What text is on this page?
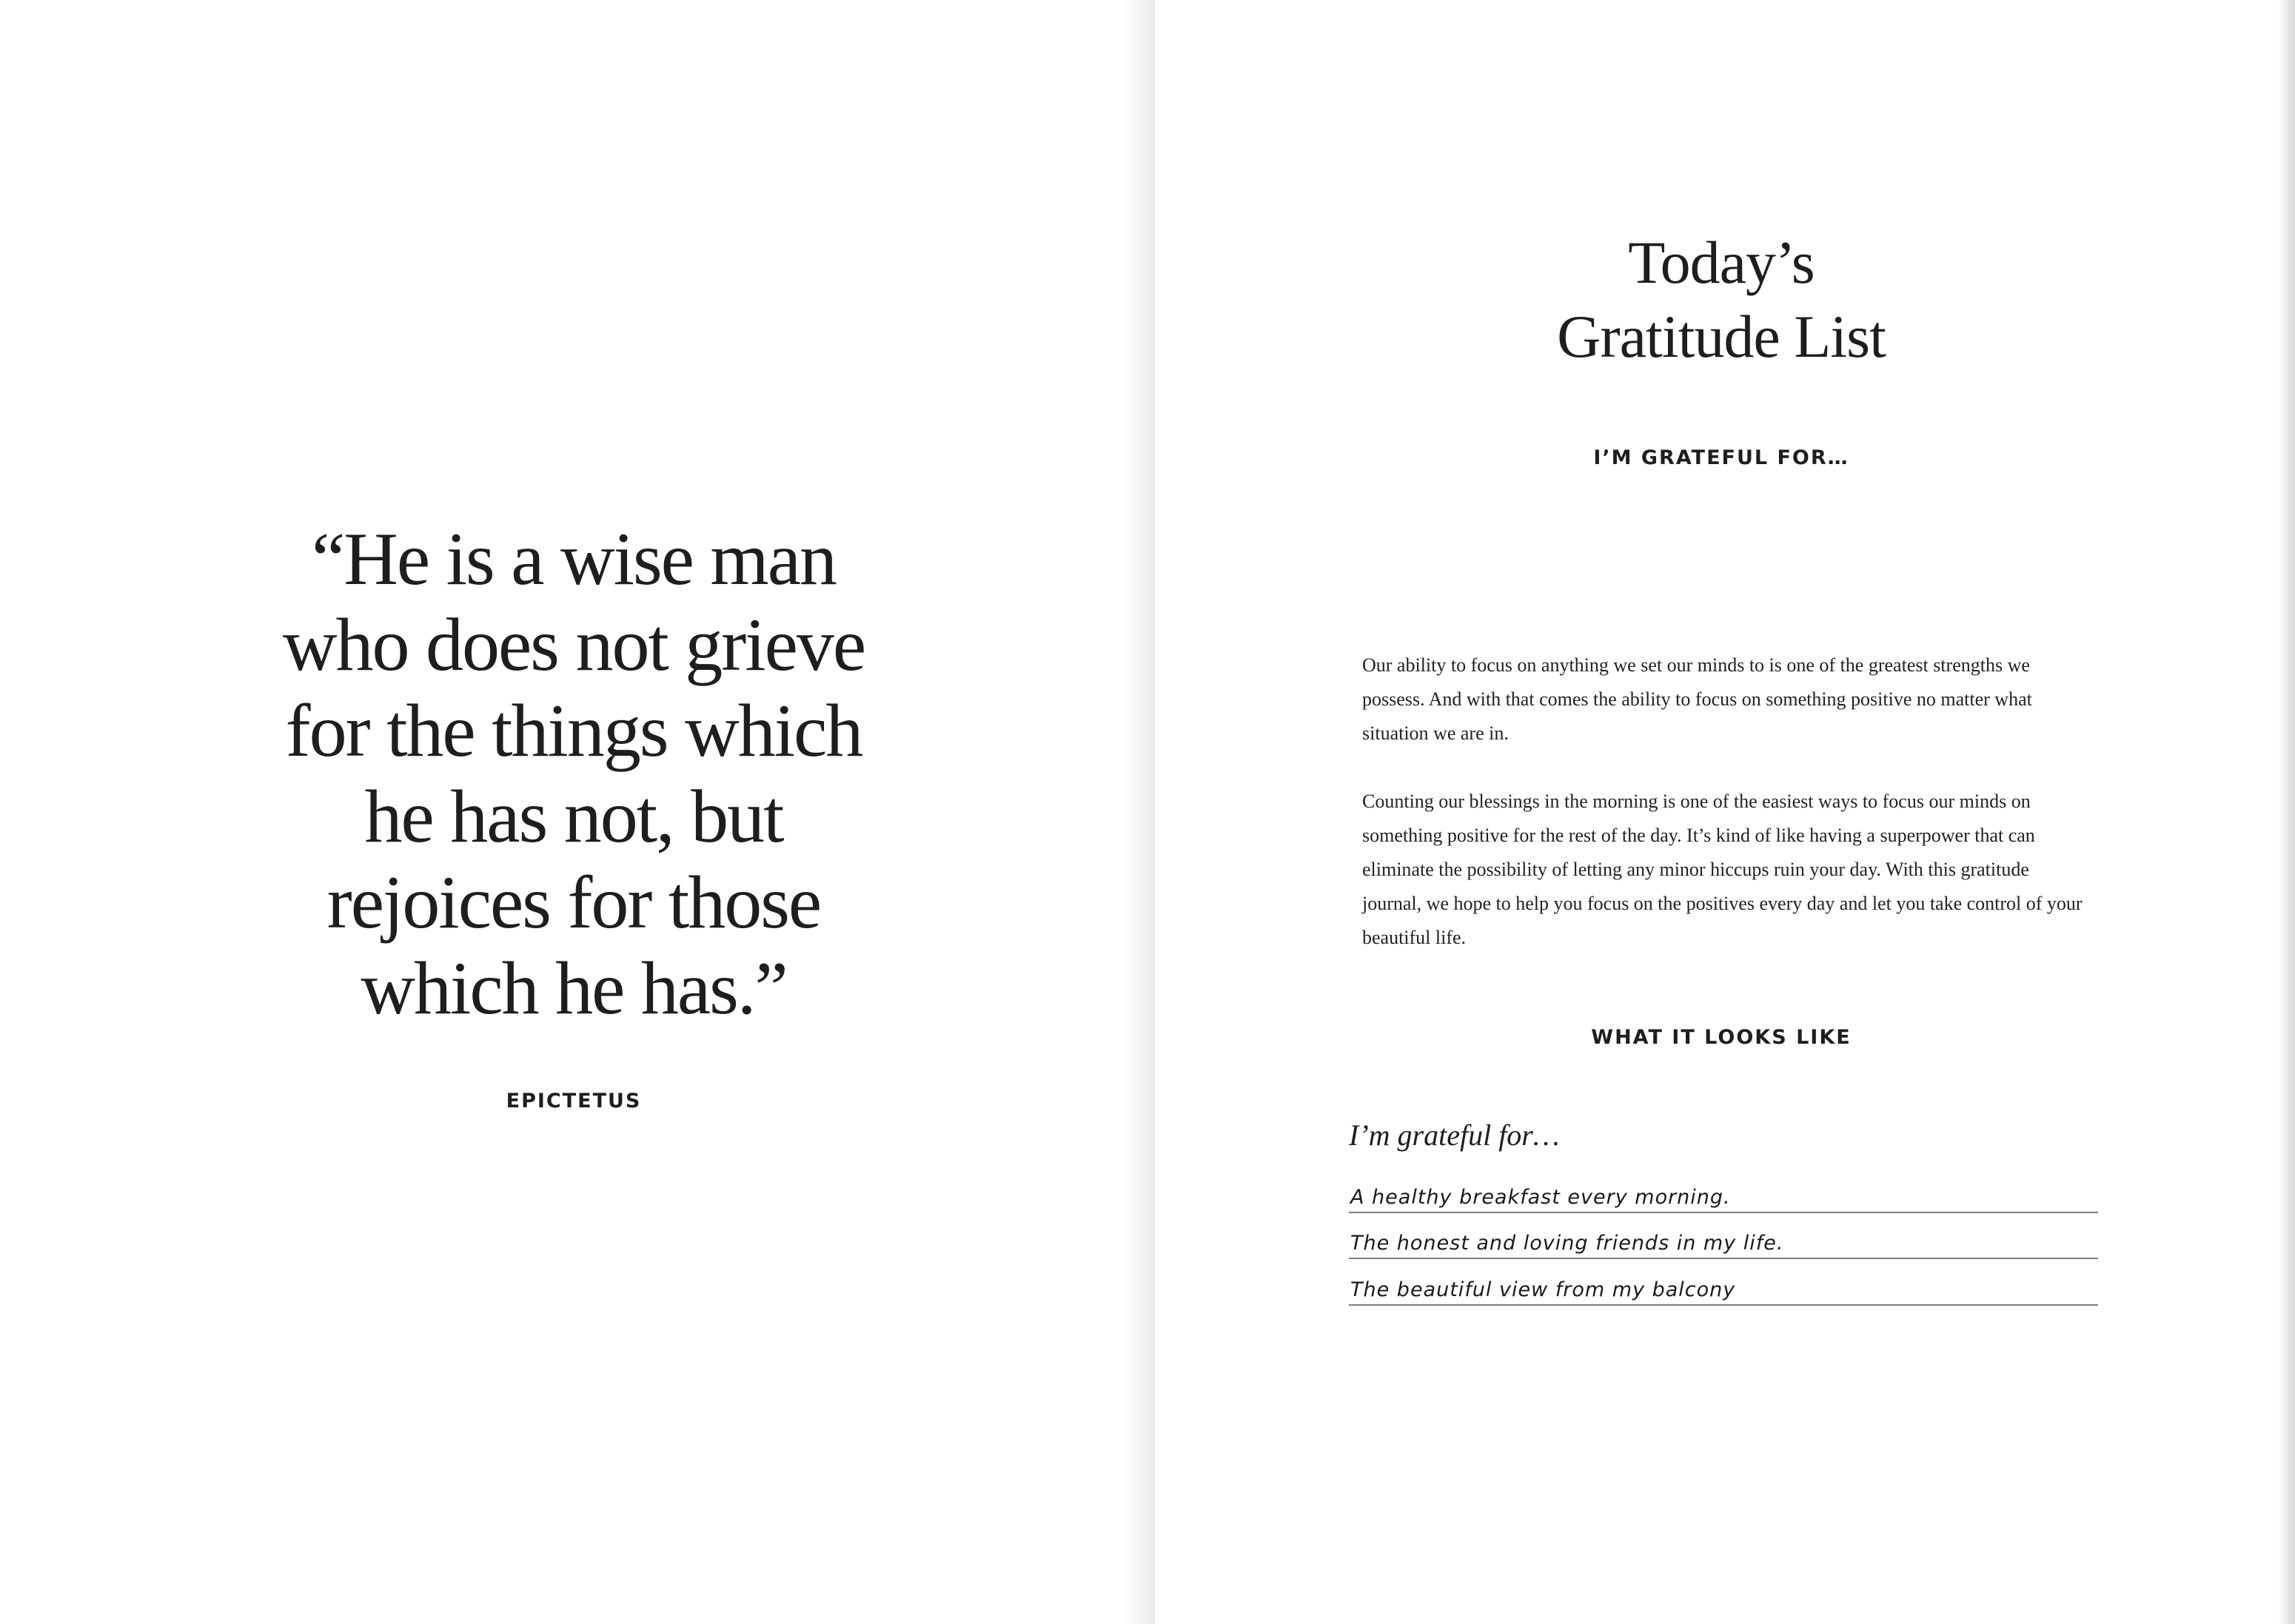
“He is a wise man
who does not grieve
for the things which
he has not, but
rejoices for those
which he has.”
EPICTETUS
Today’s
Gratitude List
I’M GRATEFUL FOR…
Our ability to focus on anything we set our minds to is one of the greatest strengths we possess. And with that comes the ability to focus on something positive no matter what situation we are in.
Counting our blessings in the morning is one of the easiest ways to focus our minds on something positive for the rest of the day. It’s kind of like having a superpower that can eliminate the possibility of letting any minor hiccups ruin your day. With this gratitude journal, we hope to help you focus on the positives every day and let you take control of your beautiful life.
WHAT IT LOOKS LIKE
I’m grateful for…
A healthy breakfast every morning.
The honest and loving friends in my life.
The beautiful view from my balcony
